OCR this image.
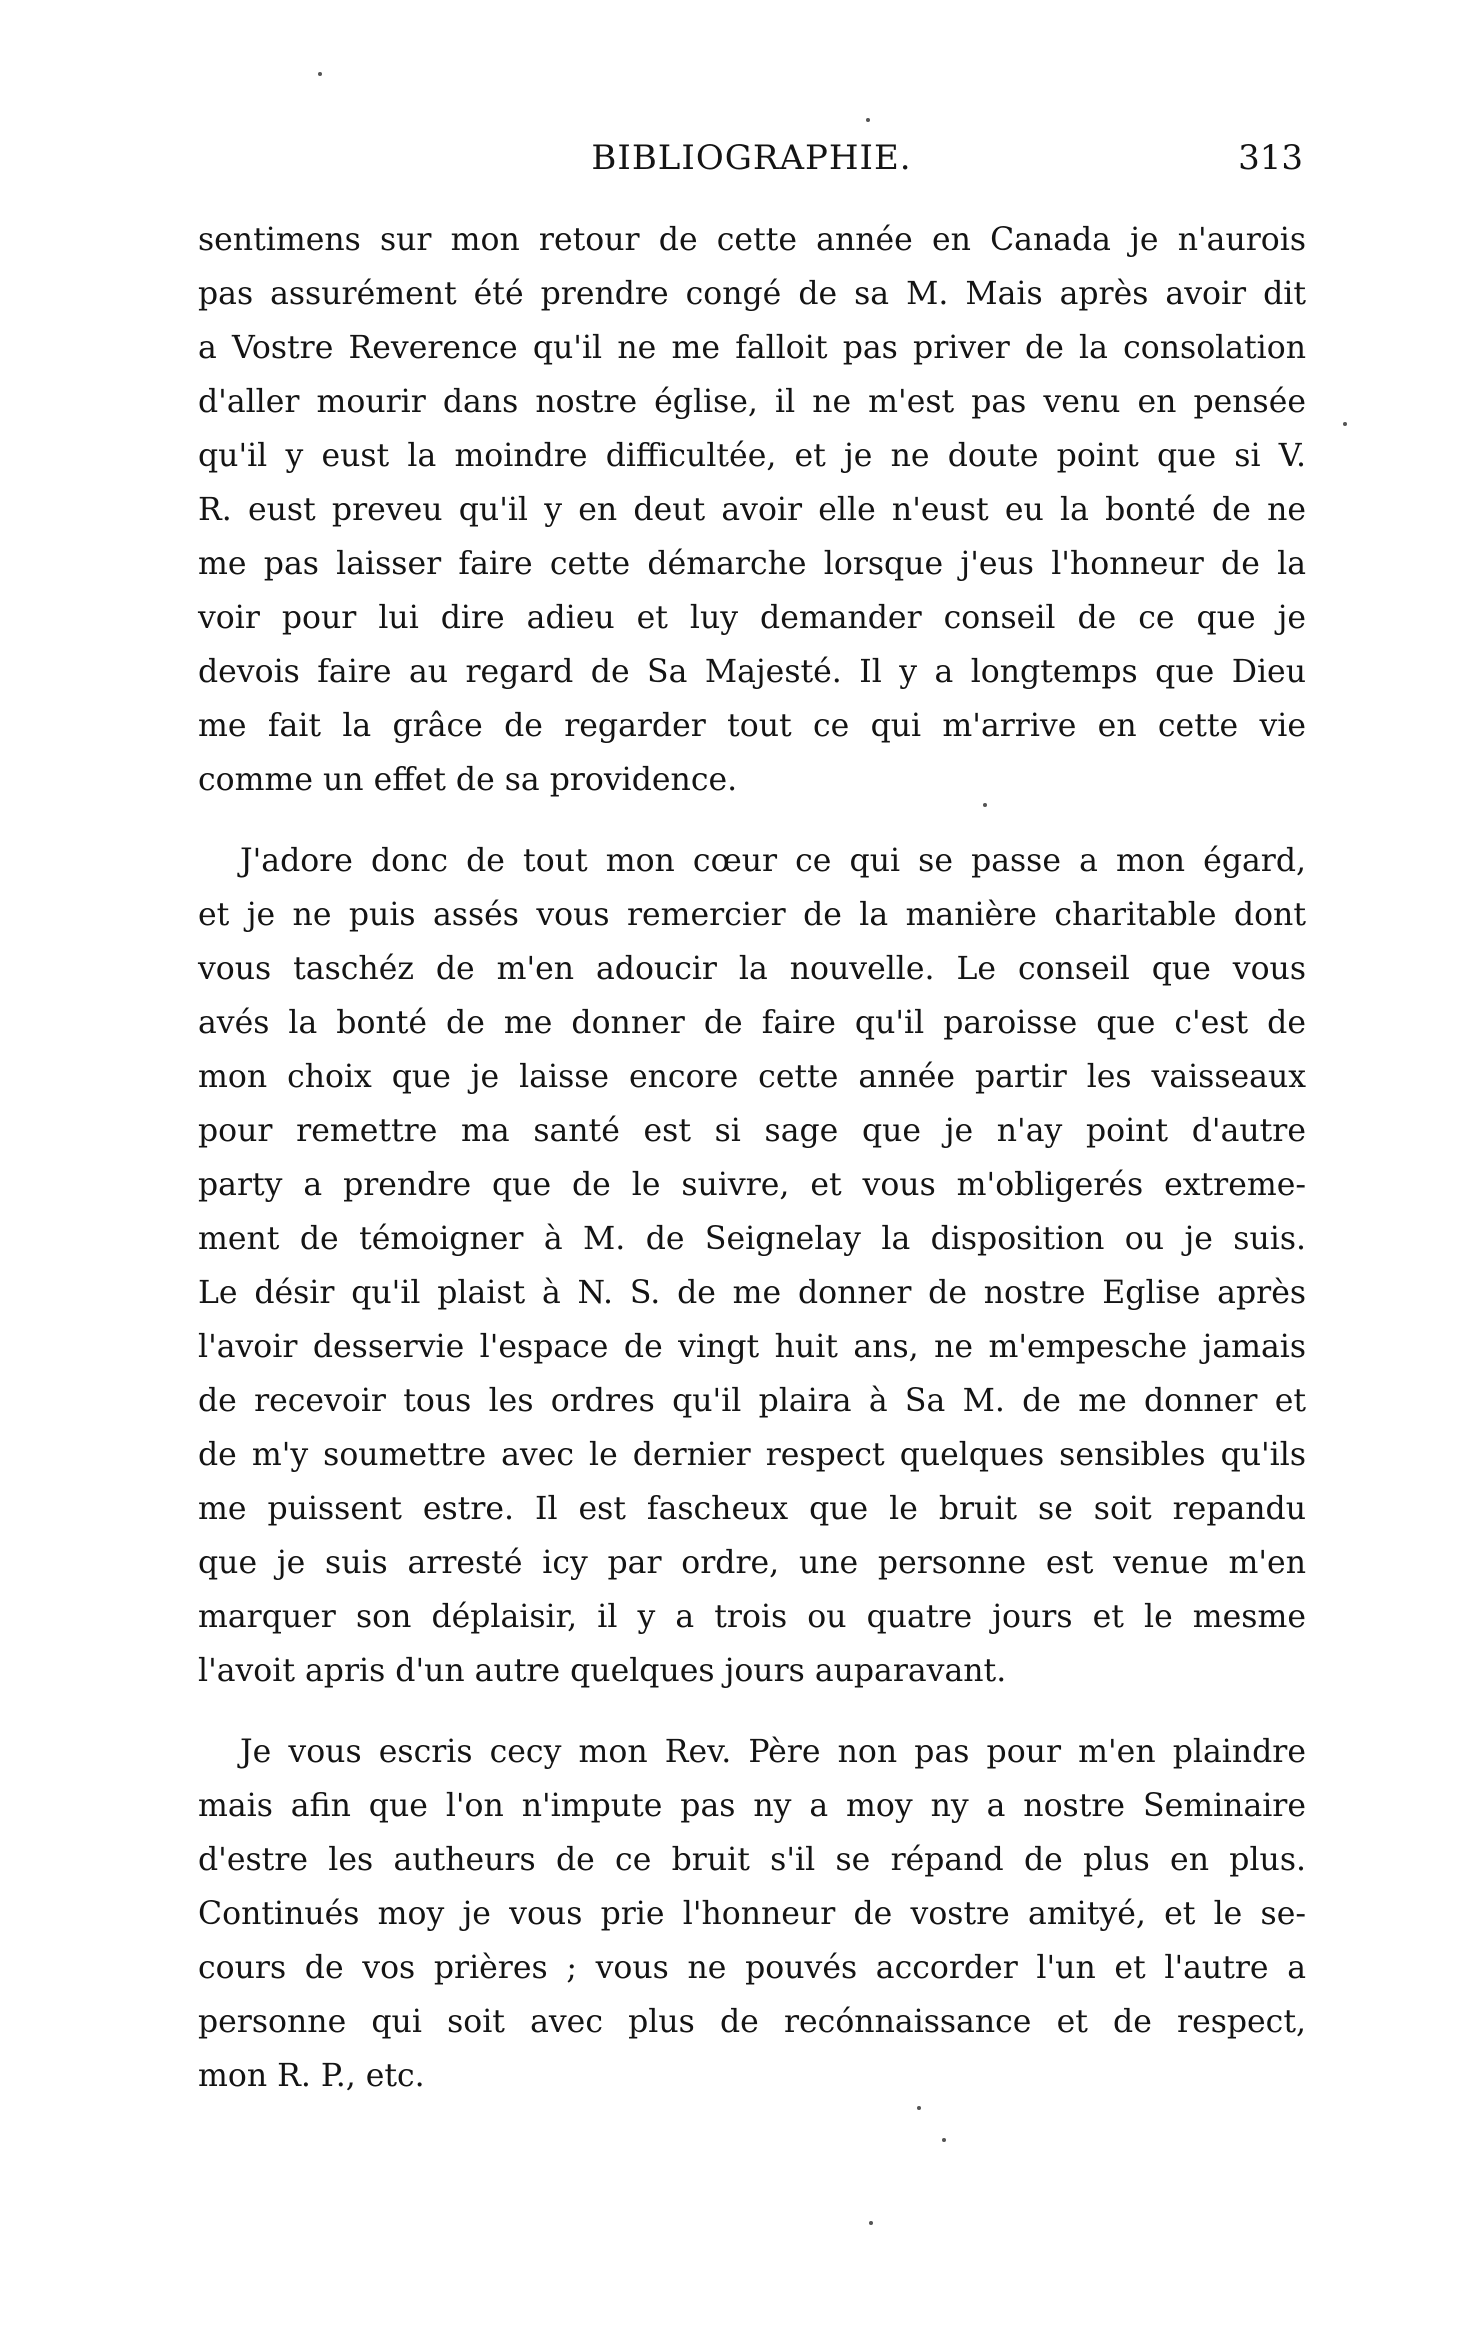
BIBLIOGRAPHIE.	313

sentimens sur mon retour de cette année en Canada je n'aurois
pas assurément été prendre congé de sa M. Mais après avoir dit
a Vostre Reverence qu'il ne me falloit pas priver de la consolation
d'aller mourir dans nostre église, il ne m'est pas venu en pensée
qu'il y eust la moindre difficultée, et je ne doute point que si V.
R. eust preveu qu'il y en deut avoir elle n'eust eu la bonté de ne
me pas laisser faire cette démarche lorsque j'eus l'honneur de la
voir pour lui dire adieu et luy demander conseil de ce que je
devois faire au regard de Sa Majesté. Il y a longtemps que Dieu
me fait la grâce de regarder tout ce qui m'arrive en cette vie
comme un effet de sa providence.

J'adore donc de tout mon cœur ce qui se passe a mon égard,
et je ne puis assés vous remercier de la manière charitable dont
vous taschéz de m'en adoucir la nouvelle. Le conseil que vous
avés la bonté de me donner de faire qu'il paroisse que c'est de
mon choix que je laisse encore cette année partir les vaisseaux
pour remettre ma santé est si sage que je n'ay point d'autre
party a prendre que de le suivre, et vous m'obligerés extreme-
ment de témoigner à M. de Seignelay la disposition ou je suis.
Le désir qu'il plaist à N. S. de me donner de nostre Eglise après
l'avoir desservie l'espace de vingt huit ans, ne m'empesche jamais
de recevoir tous les ordres qu'il plaira à Sa M. de me donner et
de m'y soumettre avec le dernier respect quelques sensibles qu'ils
me puissent estre. Il est fascheux que le bruit se soit repandu
que je suis arresté icy par ordre, une personne est venue m'en
marquer son déplaisir, il y a trois ou quatre jours et le mesme
l'avoit apris d'un autre quelques jours auparavant.

Je vous escris cecy mon Rev. Père non pas pour m'en plaindre
mais afin que l'on n'impute pas ny a moy ny a nostre Seminaire
d'estre les autheurs de ce bruit s'il se répand de plus en plus.
Continués moy je vous prie l'honneur de vostre amityé, et le se-
cours de vos prières ; vous ne pouvés accorder l'un et l'autre a
personne qui soit avec plus de recónnaissance et de respect,
mon R. P., etc.
